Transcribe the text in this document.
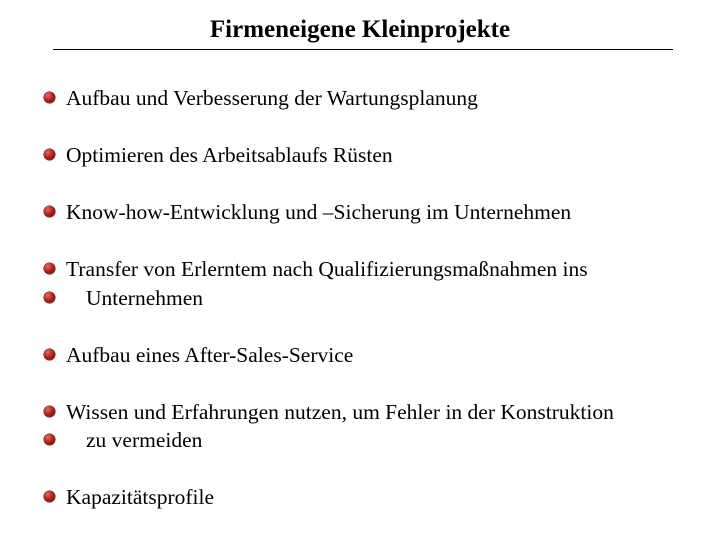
Firmeneigene Kleinprojekte
Aufbau und Verbesserung der Wartungsplanung
Optimieren des Arbeitsablaufs Rüsten
Know-how-Entwicklung und –Sicherung im Unternehmen
Transfer von Erlerntem nach Qualifizierungsmaßnahmen ins
Unternehmen
Aufbau eines After-Sales-Service
Wissen und Erfahrungen nutzen, um Fehler in der Konstruktion
zu vermeiden
Kapazitätsprofile
